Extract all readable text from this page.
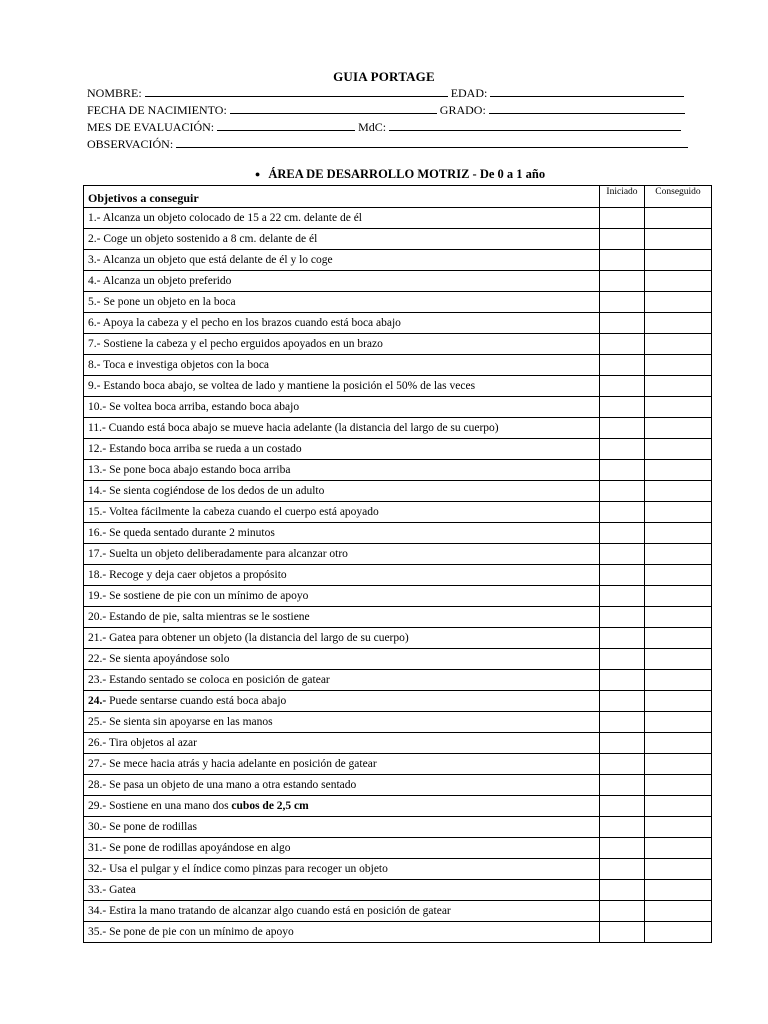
GUIA PORTAGE
NOMBRE:	EDAD:
FECHA DE NACIMIENTO:	GRADO:
MES DE EVALUACIÓN:	MdC:
OBSERVACIÓN:
● ÁREA DE DESARROLLO MOTRIZ - De 0 a 1 año
Objetivos a conseguir	Iniciado	Conseguido
1.- Alcanza un objeto colocado de 15 a 22 cm. delante de él		
2.- Coge un objeto sostenido a 8 cm. delante de él		
3.- Alcanza un objeto que está delante de él y lo coge		
4.- Alcanza un objeto preferido		
5.- Se pone un objeto en la boca		
6.- Apoya la cabeza y el pecho en los brazos cuando está boca abajo		
7.- Sostiene la cabeza y el pecho erguidos apoyados en un brazo		
8.- Toca e investiga objetos con la boca		
9.- Estando boca abajo, se voltea de lado y mantiene la posición el 50% de las veces		
10.- Se voltea boca arriba, estando boca abajo		
11.- Cuando está boca abajo se mueve hacia adelante (la distancia del largo de su cuerpo)		
12.- Estando boca arriba se rueda a un costado		
13.- Se pone boca abajo estando boca arriba		
14.- Se sienta cogiéndose de los dedos de un adulto		
15.- Voltea fácilmente la cabeza cuando el cuerpo está apoyado		
16.- Se queda sentado durante 2 minutos		
17.- Suelta un objeto deliberadamente para alcanzar otro		
18.- Recoge y deja caer objetos a propósito		
19.- Se sostiene de pie con un mínimo de apoyo		
20.- Estando de pie, salta mientras se le sostiene		
21.- Gatea para obtener un objeto (la distancia del largo de su cuerpo)		
22.- Se sienta apoyándose solo		
23.- Estando sentado se coloca en posición de gatear		
24.- Puede sentarse cuando está boca abajo		
25.- Se sienta sin apoyarse en las manos		
26.- Tira objetos al azar		
27.- Se mece hacia atrás y hacia adelante en posición de gatear		
28.- Se pasa un objeto de una mano a otra estando sentado		
29.- Sostiene en una mano dos cubos de 2,5 cm		
30.- Se pone de rodillas		
31.- Se pone de rodillas apoyándose en algo		
32.- Usa el pulgar y el índice como pinzas para recoger un objeto		
33.- Gatea		
34.- Estira la mano tratando de alcanzar algo cuando está en posición de gatear		
35.- Se pone de pie con un mínimo de apoyo		
